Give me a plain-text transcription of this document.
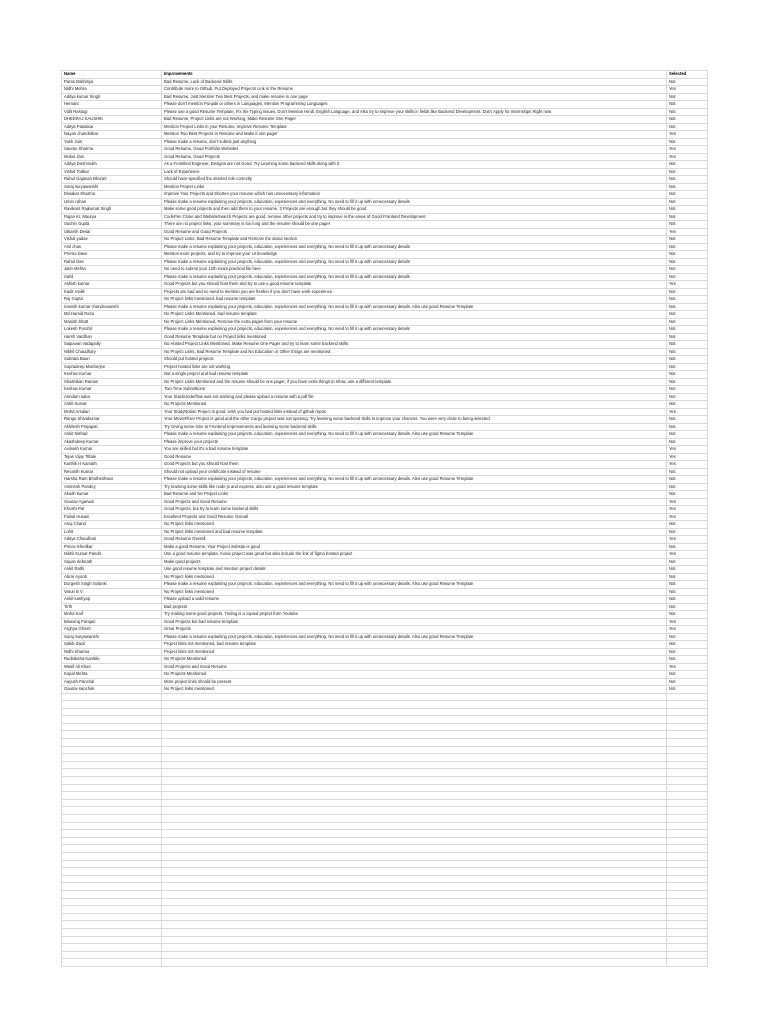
Name	Improvements	Selected
Paras Bokhiriya	Bad Resume, Lack of Backend Skills	Not
Nidhi Mehra	Contribute more to Github, Put Deployed Projects Link in the Resume	Yes
Aditya kumar Singh	Bad Resume, Just Mention Two Best Projects, and make resume in one page	Not
Hemant	Please don't mention Punjabi or others in Languages, Mention Programming Languages	Not
Vidit Rastogi	Please use a good Resume Template, Fix the Typing Issues, Don't Mention Hindi, English Language, and Also try to improve your skills in fields like Backend Development. Don't Apply for Internships Right now	Not
DHEERAJ KAUSHIK	Bad Resume, Project Links are not Working, Make Resume One Pager	Not
Aditya Pataskar	Mention Project Links in your Resume, Improve Resume Template	Not
Nayan chandrakar	Mention Two Best Projects in Resume and Make it one pager	Yes
Yash Jain	Please make a resume, don't submit just anything	Not
Saurav Sharma	Good Resume, Good Portfolio Websites	Yes
Mukul Jain	Good Resume, Good Projects	Yes
Aditya Deshmukh	As a FrontEnd Engineer, Designs are not Good. Try Learning some backend skills along with it	Not
Vishal Todkar	Lack of Experience	Not
Rahul Gajanan Bhurari	Should have specified the desired role correctly	Not
Suraj suryawanshi	Mention Project Links	Not
Diwakar Sharma	Improve Your Projects and Shorten your resume which has unnecessary information	Not
Umer rahan	Please make a resume explaining your projects, education, experiences and everything. No need to fill it up with unnecessary details	Not
Ravikant Rajkumar Singh	Make some good projects and then add them to your resume. 3 Projects are enough but they should be good	Not
Rajan Kr. Maurya	CodePen Clone and WebsiteSearch Projects are good, remove other projects and try to improve in the areas of Good Frontend Development	Not
Sachin Gupta	There are no project links, your summary is too long and the resume should be one pager	Not
Utkarsh Desai	Good Resume and Good Projects	Yes
Vishal yadav	No Project Links, Bad Resume Template and Remove the about section	Not
Anil chas	Please make a resume explaining your projects, education, experiences and everything. No need to fill it up with unnecessary details	Not
Prerna Dave	Mention more projects, and try to improve your UI knowledge	Not
Rahul Das	Please make a resume explaining your projects, education, experiences and everything. No need to fill it up with unnecessary details	Not
Jatin Mehta	No need to submit your 12th exam practical file here	Not
Sahil	Please make a resume explaining your projects, education, experiences and everything. No need to fill it up with unnecessary details	Not
Ashish kumar	Good Projects but you should host them and try to use a good resume template	Yes
Kadir malik	Projects are bad and no need to mention you are fresher if you don't have work experience	Not
Raj Gupta	No Project links mentioned, bad resume template	Not
manish kumar chandravanshi	Please make a resume explaining your projects, education, experiences and everything. No need to fill it up with unnecessary details. Also use good Resume Template	Not
Md Hamid Raza	No Project Links Mentioned, bad resume template	Not
Manish bhatt	No Project Links Mentioned, Remove the extra pages from your resume	Not
Lokesh Purohit	Please make a resume explaining your projects, education, experiences and everything. No need to fill it up with unnecessary details	Not
Harsh Vardhan	Good Resume Template but no Project links mentioned	Not
Saipavan Vadapally	No Hosted Project Links Mentioned, Make Resume One Pager and try to learn some backend skills	Not
Nikhil Chaudhary	No Project Links, Bad Resume Template and No Education or Other things are mentioned	Not
Subrata Bauri	Should put hosted projects	Not
Supradeep Mukherjee	Project hosted links are not working	Not
Keshav Kumar	Not a single project and bad resume template	Not
Shashikan Raman	No Project Links Mentioned and the resume should be one pager, if you have extra things to show, use a different template	Not
Keshav Kumar	Two Time Submittions	Not
Arindam saha	Your StackUnderflow was not working and please upload a resume with a pdf file	Not
Ankit Kumar	No Projects Mentioned	Not
Mohd Arsalan	Your StudyNotion Project is good, wish you had put hosted links instead of github repos	Yes
Rangu Shivakumar	Your MovieFlixer Project is good and the other Cargo project was not opening. Try learning some backend skills to improve your chances. You were very close to being selected	Not
Akhilesh Prajapati	Try Giving some time to Frontend Improvements and learning some backend skills	Not
Ankit Nishad	Please make a resume explaining your projects, education, experiences and everything. No need to fill it up with unnecessary details. Also use good Resume Template	Not
Akashdeep Kumar	Please improve your projects	Not
Avinash Kumar	You are skilled but it's a bad resume template	Yes
Tejas Vijay Tiltale	Good Resume	Yes
Karthik H Kamath	Good Projects but you should host them	Yes
Revanth Kumar	Should not upload your certificate instead of resume	Not
Harsha Ram Bhotheshwar	Please make a resume explaining your projects, education, experiences and everything. No need to fill it up with unnecessary details. Also use good Resume Template	Not
Animesh Pandey	Try learning some skills like node js and express, also use a good resume template	Not
Akash kumar	Bad Resume and No Project Links	Not
Gaurav Agarwal	Good Projects and Good Resume	Yes
Khushi Pal	Good Projects, but try to learn some backend skills	Yes
Faisal Husain	Excellent Projects and Good Resume Overall	Yes
Anuj Chand	No Project links mentioned	Not
Lohit	No Project links mentioned and bad resume template	Not
Aditya Chaudhari	Good Resume Overall	Yes
Prince Khedkar	Make a good Resume, Your Project website is good	Not
Nikhil Kumar Pandit	Use a good resume template, movix project was great but also include the link of figma hosted project	Yes
Sayan debnath	Make good projects	Not
Ankit Rathi	Use good resume template and mention project details	Not
Abrar Ayoob	No Project links mentioned	Not
Durgesh Singh Solanki	Please make a resume explaining your projects, education, experiences and everything. No need to fill it up with unnecessary details. Also use good Resume Template	Not
Varun B V	No Project links mentioned	Not
Ankit kashyap	Please upload a valid resume	Not
Tirth	Bad projects	Not
Mohd Kaif	Try making some good projects, Tindog is a copied project from Youtube	Not
Bisworaj Parajari	Good Projects but bad resume template	Yes
Arghya Ghosh	Great Projects	Yes
Suraj Suryawanshi	Please make a resume explaining your projects, education, experiences and everything. No need to fill it up with unnecessary details. Also use good Resume Template	Not
Sakib Zaidi	Project links not mentioned, bad resume template	Not
Nidhi Sharma	Project links not mentioned	Not
Rudraksha Kamble	No Projects Mentioned	Not
Wasif Ali Khan	Good Projects and Good Resume	Yes
Kopal Mehta	No Projects Mentioned	Not
Aayush Panchal	More project links should be present	Not
Gaurav sanchek	No Project links mentioned	Not
